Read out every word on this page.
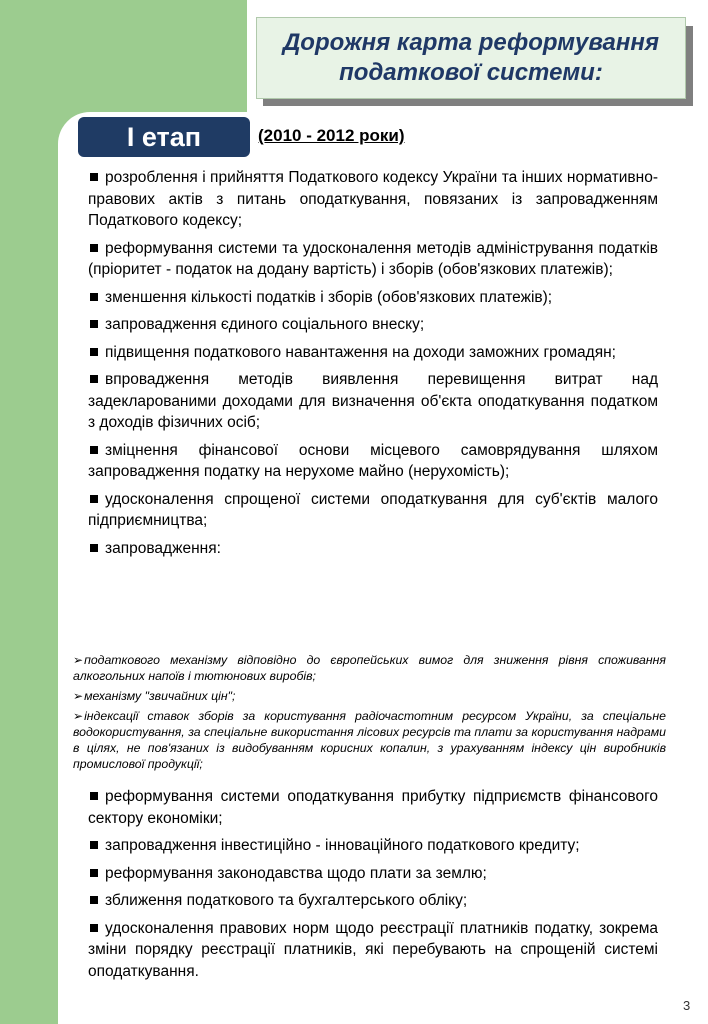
Дорожня карта реформування
податкової системи:

I етап	(2010 - 2012 роки)

розроблення і прийняття Податкового кодексу України та інших нормативно-правових актів з питань оподаткування, повязаних із запровадженням Податкового кодексу;

реформування системи та удосконалення методів адміністрування податків (пріоритет - податок на додану вартість) і зборів (обов'язкових платежів);

зменшення кількості податків і зборів (обов'язкових платежів);

запровадження єдиного соціального внеску;

підвищення податкового навантаження на доходи заможних громадян;

впровадження методів виявлення перевищення витрат над задекларованими доходами для визначення об'єкта оподаткування податком з доходів фізичних осіб;

зміцнення фінансової основи місцевого самоврядування шляхом запровадження податку на нерухоме майно (нерухомість);

удосконалення спрощеної системи оподаткування для суб'єктів малого підприємництва;

запровадження:

➢податкового механізму відповідно до європейських вимог для зниження рівня споживання алкогольних напоїв і тютюнових виробів;

➢механізму "звичайних цін";

➢індексації ставок зборів за користування радіочастотним ресурсом України, за спеціальне водокористування, за спеціальне використання лісових ресурсів та плати за користування надрами в цілях, не пов'язаних із видобуванням корисних копалин, з урахуванням індексу цін виробників промислової продукції;

реформування системи оподаткування прибутку підприємств фінансового сектору економіки;

запровадження інвестиційно - інноваційного податкового кредиту;

реформування законодавства щодо плати за землю;

зближення податкового та бухгалтерського обліку;

удосконалення правових норм щодо реєстрації платників податку, зокрема зміни порядку реєстрації платників, які перебувають на спрощеній системі оподаткування.

3
